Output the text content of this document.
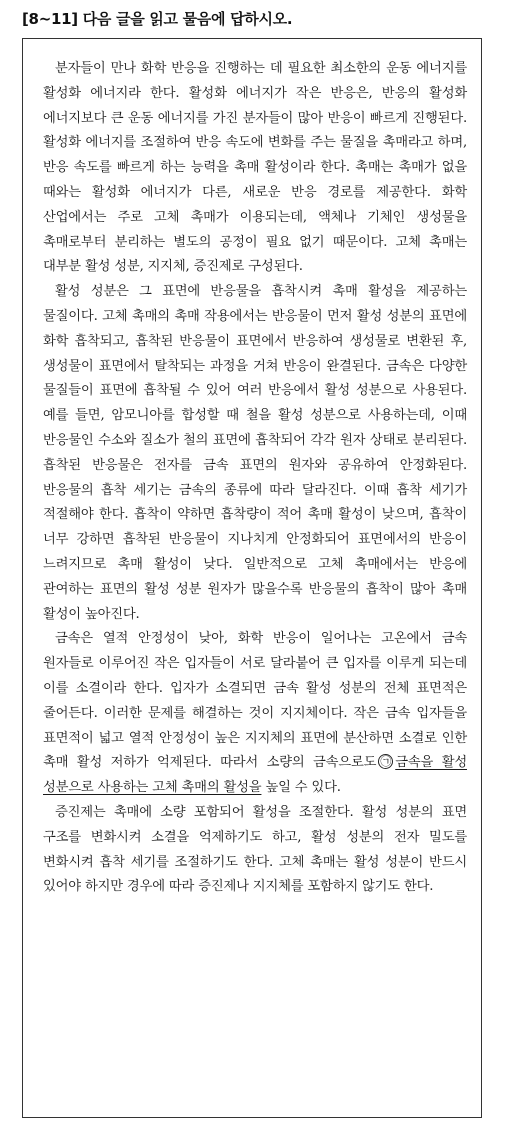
[8~11] 다음 글을 읽고 물음에 답하시오.

분자들이 만나 화학 반응을 진행하는 데 필요한 최소한의 운동 에너지를 활성화 에너지라 한다. 활성화 에너지가 작은 반응은, 반응의 활성화 에너지보다 큰 운동 에너지를 가진 분자들이 많아 반응이 빠르게 진행된다. 활성화 에너지를 조절하여 반응 속도에 변화를 주는 물질을 촉매라고 하며, 반응 속도를 빠르게 하는 능력을 촉매 활성이라 한다. 촉매는 촉매가 없을 때와는 활성화 에너지가 다른, 새로운 반응 경로를 제공한다. 화학 산업에서는 주로 고체 촉매가 이용되는데, 액체나 기체인 생성물을 촉매로부터 분리하는 별도의 공정이 필요 없기 때문이다. 고체 촉매는 대부분 활성 성분, 지지체, 증진제로 구성된다.

활성 성분은 그 표면에 반응물을 흡착시켜 촉매 활성을 제공하는 물질이다. 고체 촉매의 촉매 작용에서는 반응물이 먼저 활성 성분의 표면에 화학 흡착되고, 흡착된 반응물이 표면에서 반응하여 생성물로 변환된 후, 생성물이 표면에서 탈착되는 과정을 거쳐 반응이 완결된다. 금속은 다양한 물질들이 표면에 흡착될 수 있어 여러 반응에서 활성 성분으로 사용된다. 예를 들면, 암모니아를 합성할 때 철을 활성 성분으로 사용하는데, 이때 반응물인 수소와 질소가 철의 표면에 흡착되어 각각 원자 상태로 분리된다. 흡착된 반응물은 전자를 금속 표면의 원자와 공유하여 안정화된다. 반응물의 흡착 세기는 금속의 종류에 따라 달라진다. 이때 흡착 세기가 적절해야 한다. 흡착이 약하면 흡착량이 적어 촉매 활성이 낮으며, 흡착이 너무 강하면 흡착된 반응물이 지나치게 안정화되어 표면에서의 반응이 느려지므로 촉매 활성이 낮다. 일반적으로 고체 촉매에서는 반응에 관여하는 표면의 활성 성분 원자가 많을수록 반응물의 흡착이 많아 촉매 활성이 높아진다.

금속은 열적 안정성이 낮아, 화학 반응이 일어나는 고온에서 금속 원자들로 이루어진 작은 입자들이 서로 달라붙어 큰 입자를 이루게 되는데 이를 소결이라 한다. 입자가 소결되면 금속 활성 성분의 전체 표면적은 줄어든다. 이러한 문제를 해결하는 것이 지지체이다. 작은 금속 입자들을 표면적이 넓고 열적 안정성이 높은 지지체의 표면에 분산하면 소결로 인한 촉매 활성 저하가 억제된다. 따라서 소량의 금속으로도 ㉠ 금속을 활성 성분으로 사용하는 고체 촉매의 활성을 높일 수 있다.

증진제는 촉매에 소량 포함되어 활성을 조절한다. 활성 성분의 표면 구조를 변화시켜 소결을 억제하기도 하고, 활성 성분의 전자 밀도를 변화시켜 흡착 세기를 조절하기도 한다. 고체 촉매는 활성 성분이 반드시 있어야 하지만 경우에 따라 증진제나 지지체를 포함하지 않기도 한다.
